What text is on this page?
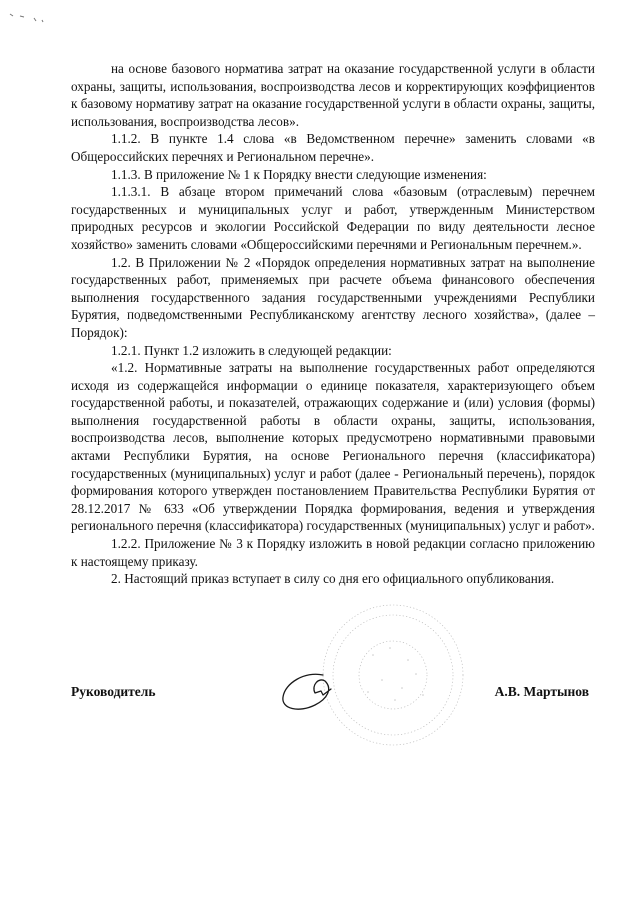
на основе базового норматива затрат на оказание государственной услуги в области охраны, защиты, использования, воспроизводства лесов и корректирующих коэффициентов к базовому нормативу затрат на оказание государственной услуги в области охраны, защиты, использования, воспроизводства лесов».

1.1.2. В пункте 1.4 слова «в Ведомственном перечне» заменить словами «в Общероссийских перечнях и Региональном перечне».

1.1.3. В приложение № 1 к Порядку внести следующие изменения:

1.1.3.1. В абзаце втором примечаний слова «базовым (отраслевым) перечнем государственных и муниципальных услуг и работ, утвержденным Министерством природных ресурсов и экологии Российской Федерации по виду деятельности лесное хозяйство» заменить словами «Общероссийскими перечнями и Региональным перечнем.».

1.2. В Приложении № 2 «Порядок определения нормативных затрат на выполнение государственных работ, применяемых при расчете объема финансового обеспечения выполнения государственного задания государственными учреждениями Республики Бурятия, подведомственными Республиканскому агентству лесного хозяйства», (далее – Порядок):

1.2.1. Пункт 1.2 изложить в следующей редакции:

«1.2. Нормативные затраты на выполнение государственных работ определяются исходя из содержащейся информации о единице показателя, характеризующего объем государственной работы, и показателей, отражающих содержание и (или) условия (формы) выполнения государственной работы в области охраны, защиты, использования, воспроизводства лесов, выполнение которых предусмотрено нормативными правовыми актами Республики Бурятия, на основе Регионального перечня (классификатора) государственных (муниципальных) услуг и работ (далее - Региональный перечень), порядок формирования которого утвержден постановлением Правительства Республики Бурятия от 28.12.2017 № 633 «Об утверждении Порядка формирования, ведения и утверждения регионального перечня (классификатора) государственных (муниципальных) услуг и работ».

1.2.2. Приложение № 3 к Порядку изложить в новой редакции согласно приложению к настоящему приказу.

2. Настоящий приказ вступает в силу со дня его официального опубликования.

Руководитель	А.В. Мартынов
